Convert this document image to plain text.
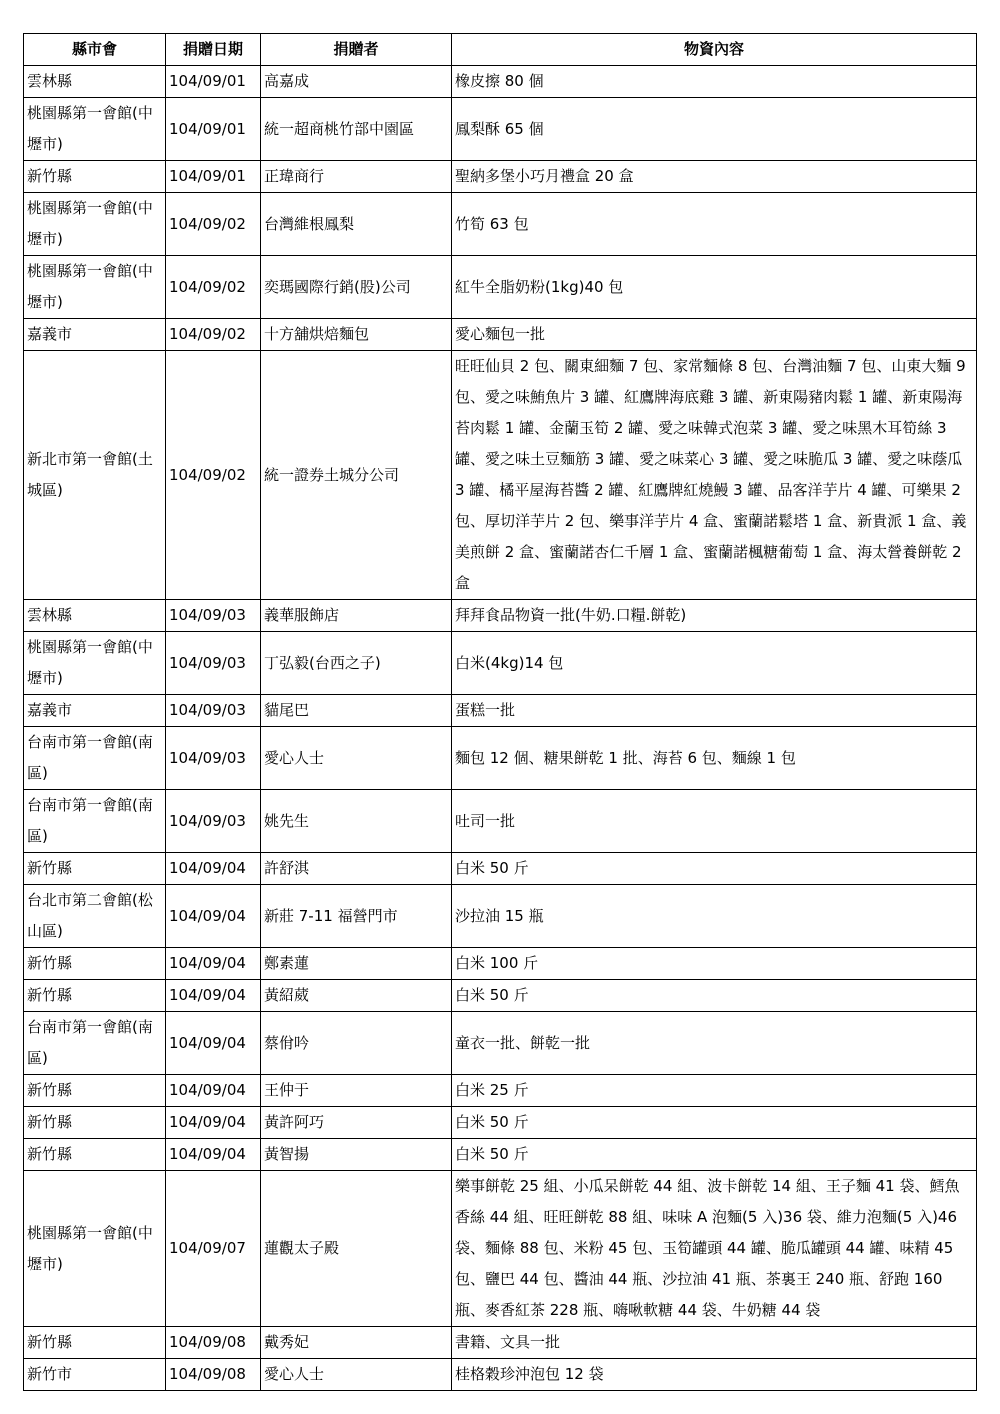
縣市會	捐贈日期	捐贈者	物資內容
雲林縣	104/09/01	高嘉成	橡皮擦 80 個
桃園縣第一會館(中壢市)	104/09/01	統一超商桃竹部中園區	鳳梨酥 65 個
新竹縣	104/09/01	正瑋商行	聖納多堡小巧月禮盒 20 盒
桃園縣第一會館(中壢市)	104/09/02	台灣維根鳳梨	竹筍 63 包
桃園縣第一會館(中壢市)	104/09/02	奕瑪國際行銷(股)公司	紅牛全脂奶粉(1kg)40 包
嘉義市	104/09/02	十方舖烘焙麵包	愛心麵包一批
新北市第一會館(土城區)	104/09/02	統一證券土城分公司	旺旺仙貝 2 包、關東細麵 7 包、家常麵條 8 包、台灣油麵 7 包、山東大麵 9 包、愛之味鮪魚片 3 罐、紅鷹牌海底雞 3 罐、新東陽豬肉鬆 1 罐、新東陽海苔肉鬆 1 罐、金蘭玉筍 2 罐、愛之味韓式泡菜 3 罐、愛之味黑木耳筍絲 3 罐、愛之味土豆麵筋 3 罐、愛之味菜心 3 罐、愛之味脆瓜 3 罐、愛之味蔭瓜 3 罐、橘平屋海苔醬 2 罐、紅鷹牌紅燒鰻 3 罐、品客洋芋片 4 罐、可樂果 2 包、厚切洋芋片 2 包、樂事洋芋片 4 盒、蜜蘭諾鬆塔 1 盒、新貴派 1 盒、義美煎餅 2 盒、蜜蘭諾杏仁千層 1 盒、蜜蘭諾楓糖葡萄 1 盒、海太營養餅乾 2 盒
雲林縣	104/09/03	義華服飾店	拜拜食品物資一批(牛奶.口糧.餅乾)
桃園縣第一會館(中壢市)	104/09/03	丁弘毅(台西之子)	白米(4kg)14 包
嘉義市	104/09/03	貓尾巴	蛋糕一批
台南市第一會館(南區)	104/09/03	愛心人士	麵包 12 個、糖果餅乾 1 批、海苔 6 包、麵線 1 包
台南市第一會館(南區)	104/09/03	姚先生	吐司一批
新竹縣	104/09/04	許舒淇	白米 50 斤
台北市第二會館(松山區)	104/09/04	新莊 7-11 福營門市	沙拉油 15 瓶
新竹縣	104/09/04	鄭素蓮	白米 100 斤
新竹縣	104/09/04	黃紹葳	白米 50 斤
台南市第一會館(南區)	104/09/04	蔡佾吟	童衣一批、餅乾一批
新竹縣	104/09/04	王仲于	白米 25 斤
新竹縣	104/09/04	黃許阿巧	白米 50 斤
新竹縣	104/09/04	黃智揚	白米 50 斤
桃園縣第一會館(中壢市)	104/09/07	蓮觀太子殿	樂事餅乾 25 組、小瓜呆餅乾 44 組、波卡餅乾 14 組、王子麵 41 袋、鱈魚香絲 44 組、旺旺餅乾 88 組、味味 A 泡麵(5 入)36 袋、維力泡麵(5 入)46 袋、麵條 88 包、米粉 45 包、玉筍罐頭 44 罐、脆瓜罐頭 44 罐、味精 45 包、鹽巴 44 包、醬油 44 瓶、沙拉油 41 瓶、茶裏王 240 瓶、舒跑 160 瓶、麥香紅茶 228 瓶、嗨啾軟糖 44 袋、牛奶糖 44 袋
新竹縣	104/09/08	戴秀妃	書籍、文具一批
新竹市	104/09/08	愛心人士	桂格穀珍沖泡包 12 袋
